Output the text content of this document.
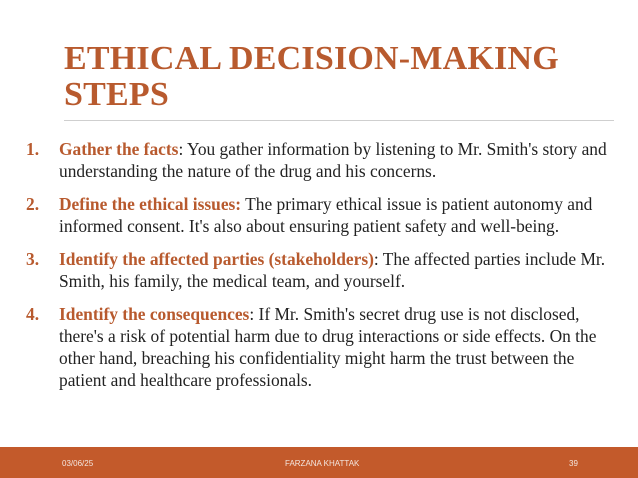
ETHICAL DECISION-MAKING STEPS
1. Gather the facts: You gather information by listening to Mr. Smith's story and understanding the nature of the drug and his concerns.
2. Define the ethical issues: The primary ethical issue is patient autonomy and informed consent. It's also about ensuring patient safety and well-being.
3. Identify the affected parties (stakeholders): The affected parties include Mr. Smith, his family, the medical team, and yourself.
4. Identify the consequences: If Mr. Smith's secret drug use is not disclosed, there's a risk of potential harm due to drug interactions or side effects. On the other hand, breaching his confidentiality might harm the trust between the patient and healthcare professionals.
03/06/25	FARZANA KHATTAK	39
